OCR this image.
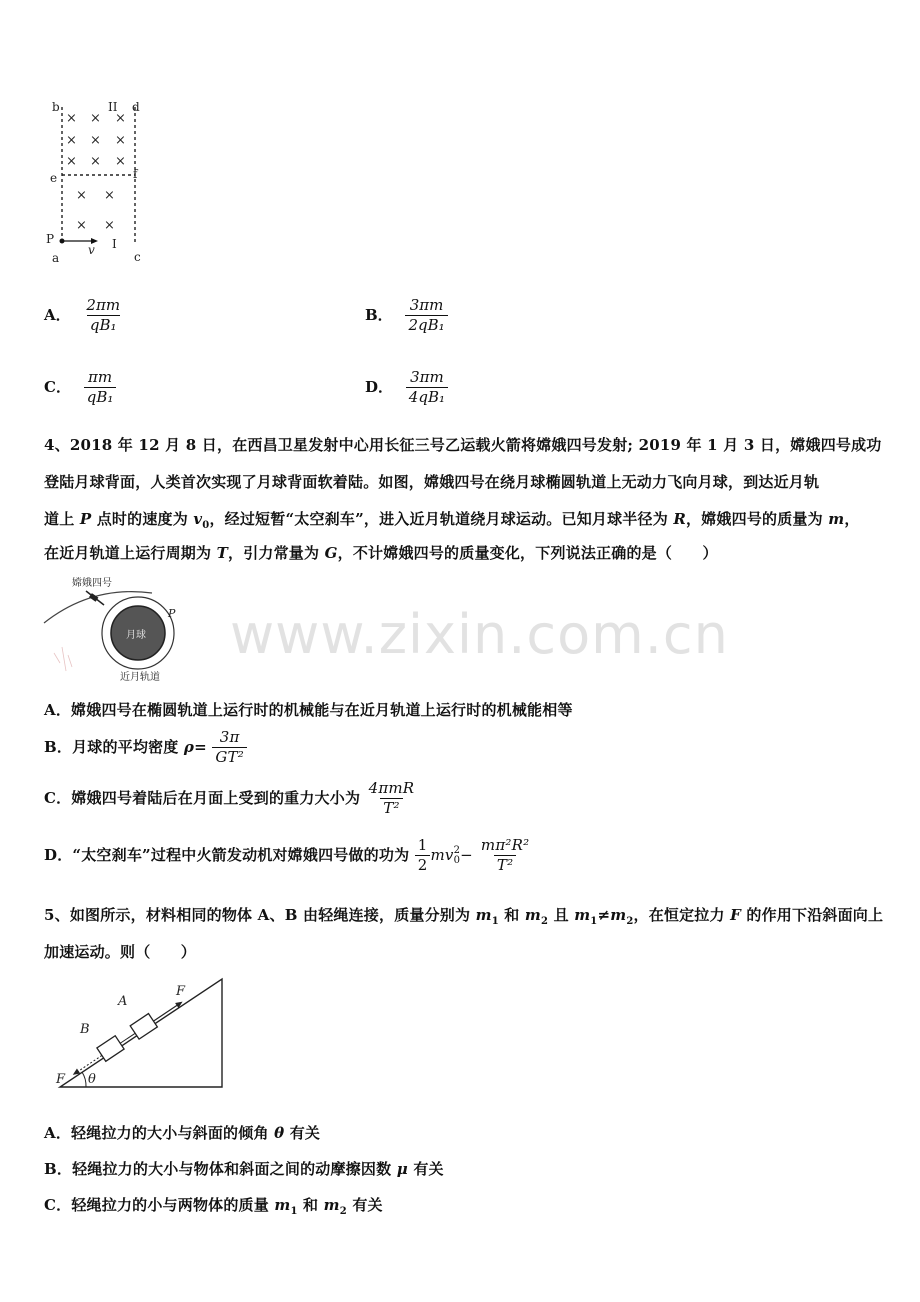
× × ×
× × ×
× × ×
× ×
× ×
b	II d
e	f
P
v I
a	c
A． $\frac{2\pi m}{\text{qB₁}}$	B． $\frac{3\pi m}{\text{2qB₁}}$
C． $\frac{\pi m}{\text{qB₁}}$	D． $\frac{3\pi m}{\text{4qB₁}}$
4、2018 年 12 月 8 日，在西昌卫星发射中心用长征三号乙运载火箭将嫦娥四号发射; 2019 年 1 月 3 日，嫦娥四号成功
登陆月球背面，人类首次实现了月球背面软着陆。如图，嫦娥四号在绕月球椭圆轨道上无动力飞向月球，到达近月轨
道上 P 点时的速度为 $v_0$，经过短暂“太空刹车”，进入近月轨道绕月球运动。已知月球半径为 R，嫦娥四号的质量为 m，
在近月轨道上运行周期为 T，引力常量为 G，不计嫦娥四号的质量变化，下列说法正确的是（　　）
月球
嫦娥四号
P
近月轨道
www.zixin.com.cn
A．嫦娥四号在椭圆轨道上运行时的机械能与在近月轨道上运行时的机械能相等
B．月球的平均密度 $\rho= \frac{3\pi}{\text{GT²}}$
C．嫦娥四号着陆后在月面上受到的重力大小为 $\frac{\text{4πmR}}{\text{T²}}$
D．“太空刹车”过程中火箭发动机对嫦娥四号做的功为 $\frac{1}{2}$ mv 2
$0 - \frac{\text{mπ²R²}}{\text{T²}}$
5、如图所示，材料相同的物体 A、B 由轻绳连接，质量分别为 $m_1$ 和 $m_2$ 且 $m_1\ne m_2$，在恒定拉力 F 的作用下沿斜面向上
加速运动。则（　　）
θ
A
B
F
F
A．轻绳拉力的大小与斜面的倾角 θ 有关
B．轻绳拉力的大小与物体和斜面之间的动摩擦因数 μ 有关
C．轻绳拉力的小与两物体的质量 $m_1$ 和 $m_2$ 有关
